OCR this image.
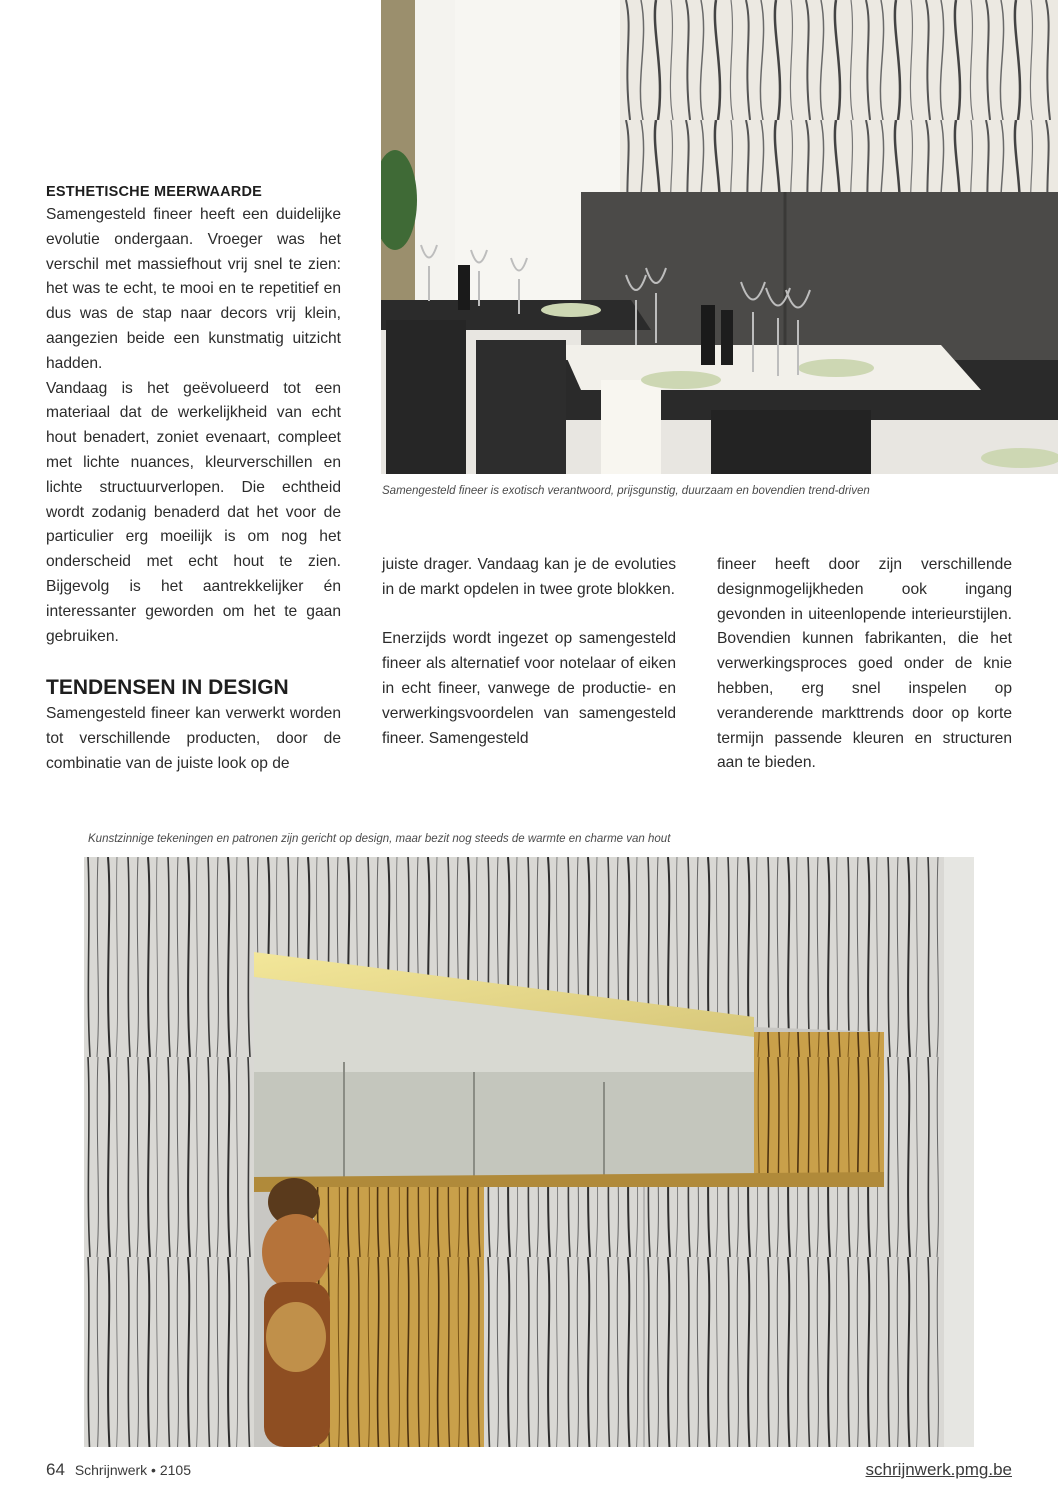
Samengesteld fineer is exotisch verantwoord, prijsgunstig, duurzaam en bovendien trend-driven
ESTHETISCHE MEERWAARDE

Samengesteld fineer heeft een duidelijke evolutie ondergaan. Vroeger was het verschil met massiefhout vrij snel te zien: het was te echt, te mooi en te repetitief en dus was de stap naar decors vrij klein, aangezien beide een kunstmatig uitzicht hadden.

Vandaag is het geëvolueerd tot een materiaal dat de werkelijkheid van echt hout benadert, zoniet evenaart, compleet met lichte nuances, kleurverschillen en lichte structuurverlopen. Die echtheid wordt zodanig benaderd dat het voor de particulier erg moeilijk is om nog het onderscheid met echt hout te zien. Bijgevolg is het aantrekkelijker én interessanter geworden om het te gaan gebruiken.

TENDENSEN IN DESIGN

Samengesteld fineer kan verwerkt worden tot verschillende producten, door de combinatie van de juiste look op de

juiste drager. Vandaag kan je de evoluties in de markt opdelen in twee grote blokken.

Enerzijds wordt ingezet op samengesteld fineer als alternatief voor notelaar of eiken in echt fineer, vanwege de productie- en verwerkingsvoordelen van samengesteld fineer. Samengesteld

fineer heeft door zijn verschillende designmogelijkheden ook ingang gevonden in uiteenlopende interieurstijlen. Bovendien kunnen fabrikanten, die het verwerkingsproces goed onder de knie hebben, erg snel inspelen op veranderende markttrends door op korte termijn passende kleuren en structuren aan te bieden.

Kunstzinnige tekeningen en patronen zijn gericht op design, maar bezit nog steeds de warmte en charme van hout
64 Schrijnwerk • 2105	schrijnwerk.pmg.be
